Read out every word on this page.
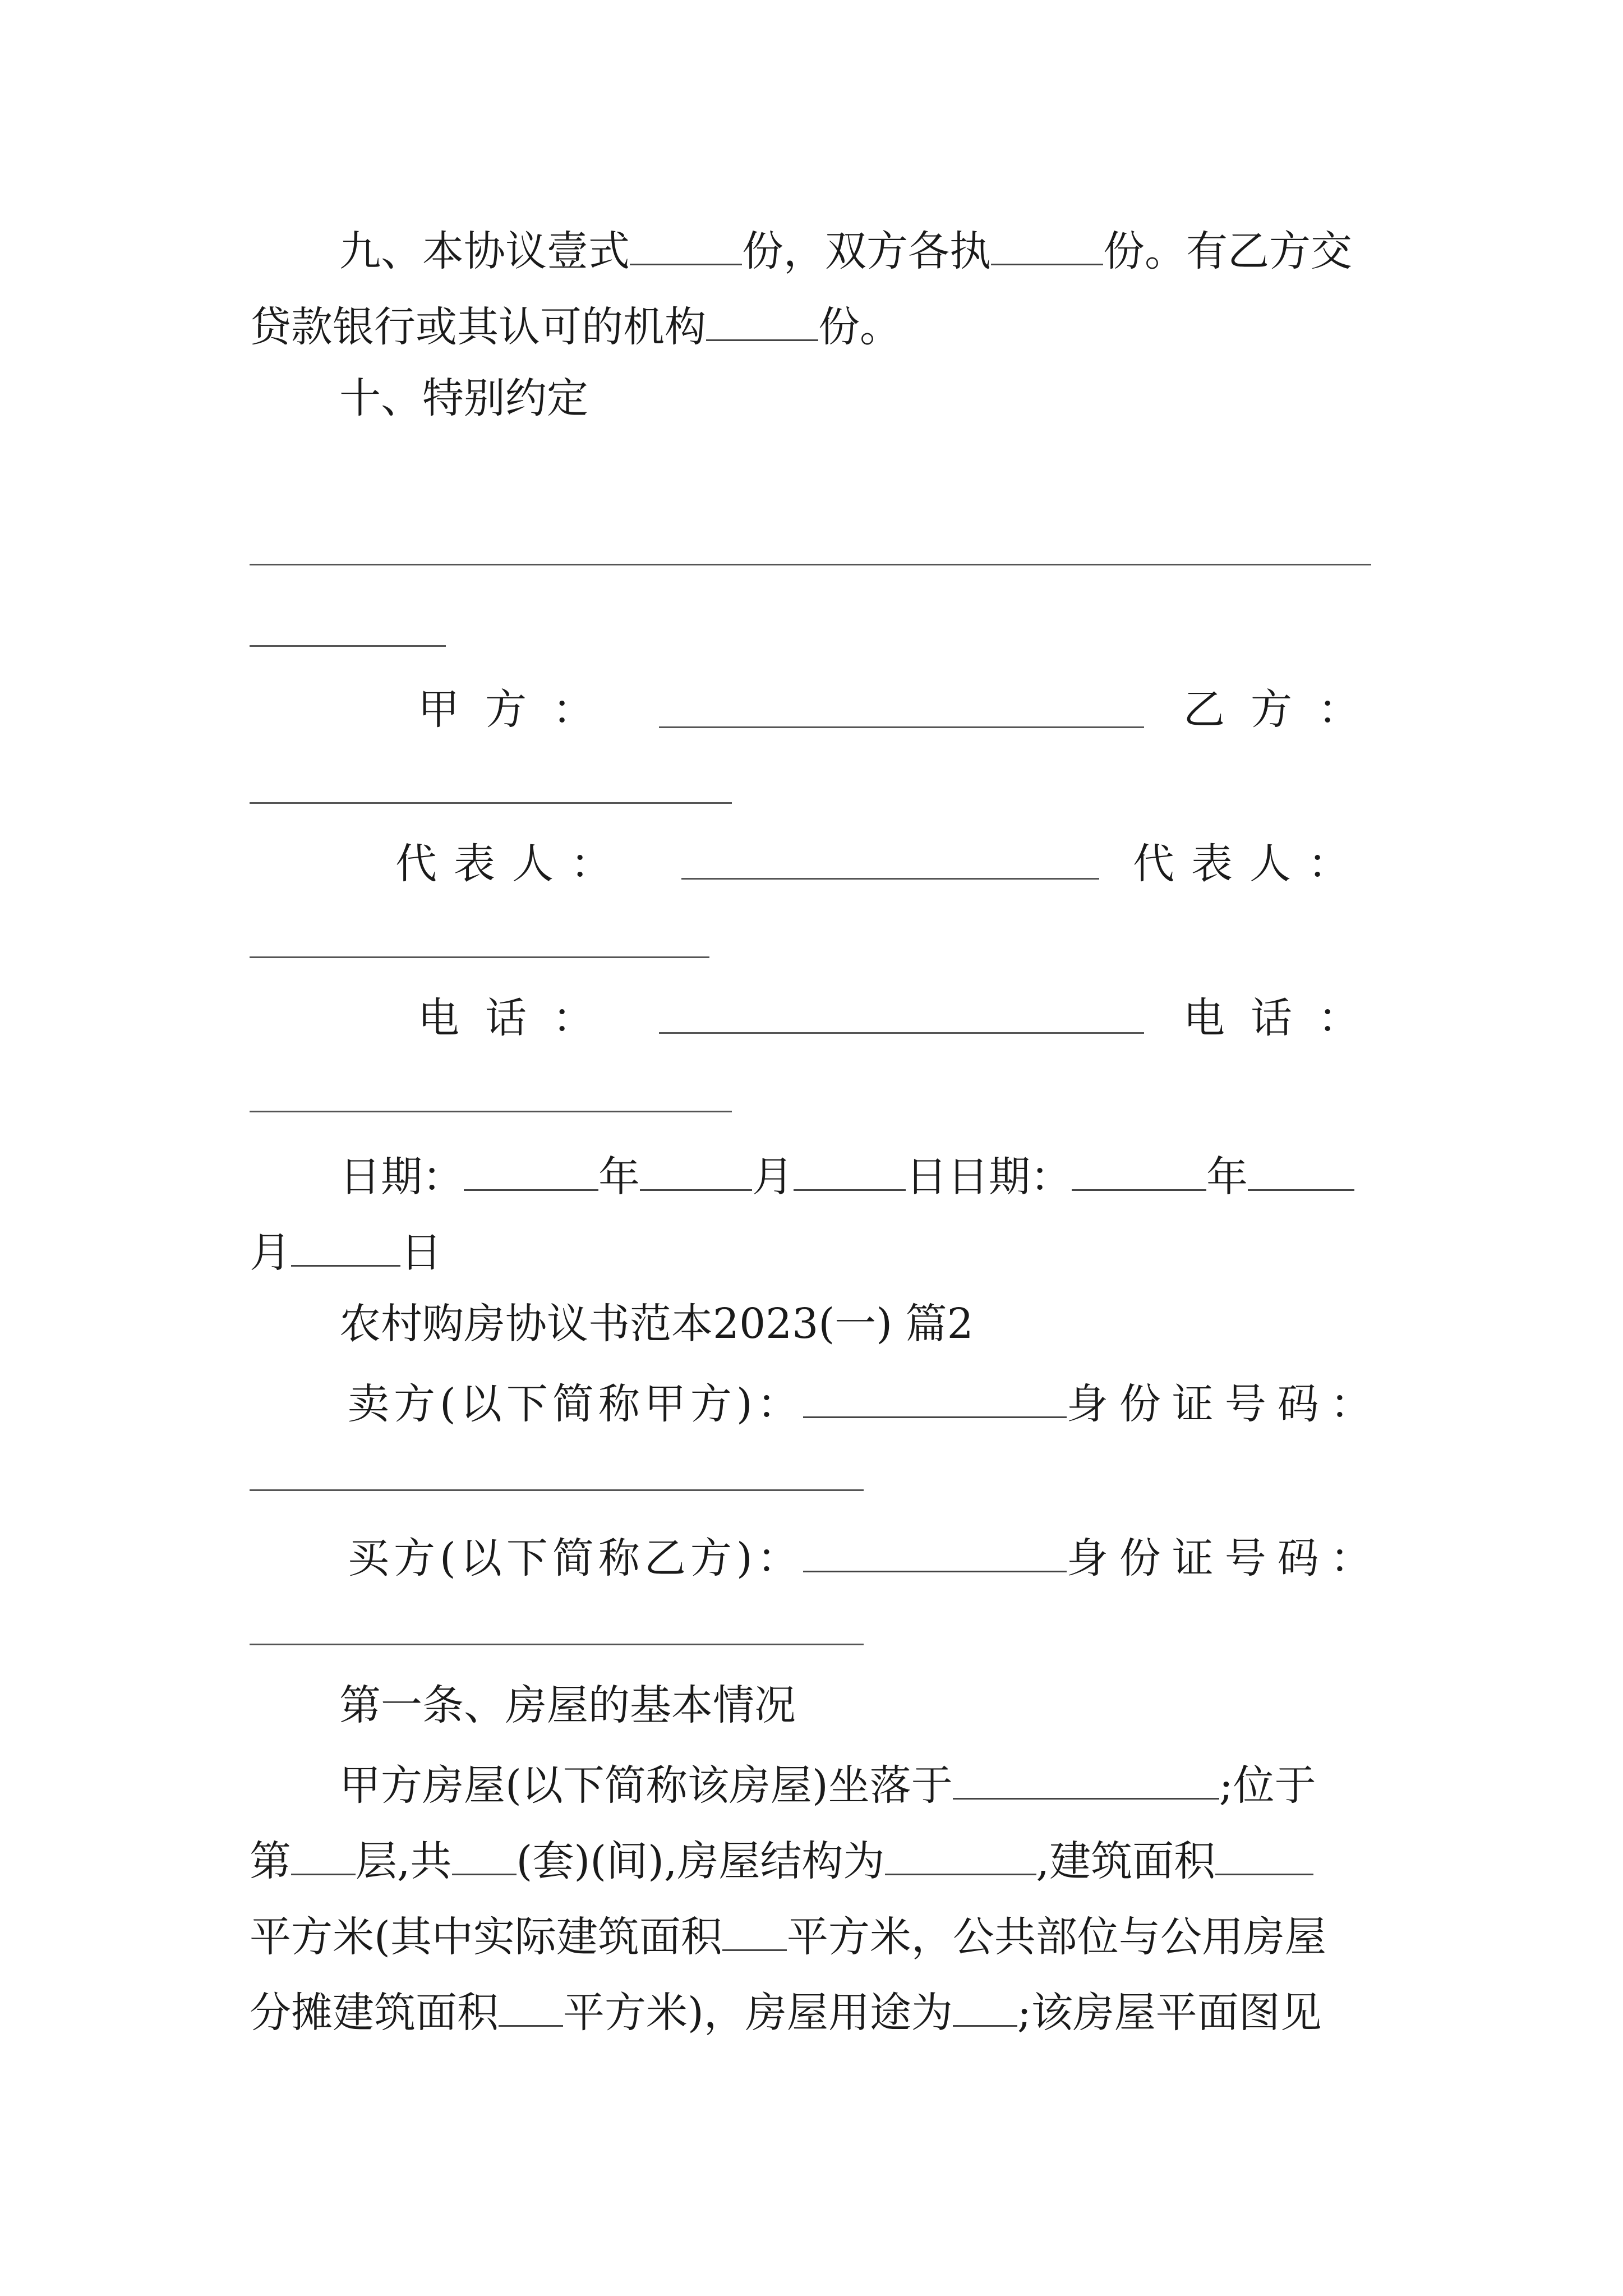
九、本协议壹式	份，双方各执	份。有乙方交
贷款银行或其认可的机构	份。
十、特别约定
甲方：	乙方：
代表人：	代表人：
电话：	电话：
日期：	年	月	日日期：	年
月	日
农村购房协议书范本2023(一) 篇2
卖方(以下简称甲方)：	身份证号码：
买方(以下简称乙方)：	身份证号码：
第一条、房屋的基本情况
甲方房屋(以下简称该房屋)坐落于	;位于
第 层,共 (套)(间),房屋结构为	,建筑面积
平方米(其中实际建筑面积 平方米，公共部位与公用房屋
分摊建筑面积 平方米)，房屋用途为 ;该房屋平面图见
